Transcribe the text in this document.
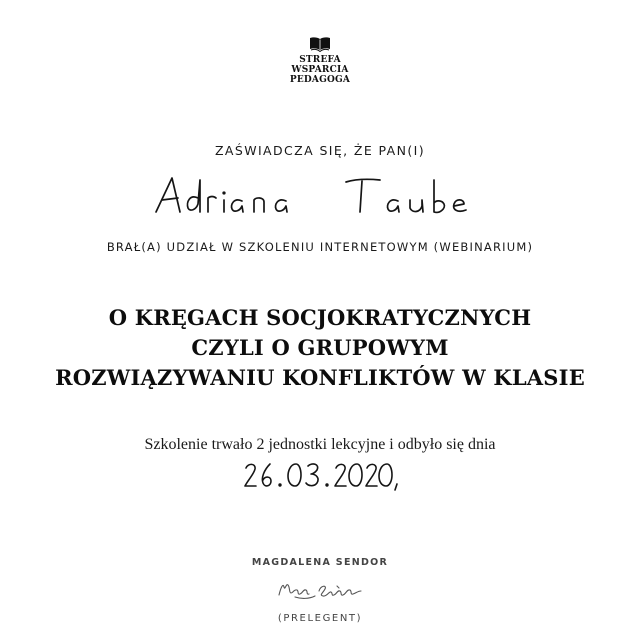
STREFA
WSPARCIA
PEDAGOGA
ZAŚWIADCZA SIĘ, ŻE PAN(I)
BRAŁ(A) UDZIAŁ W SZKOLENIU INTERNETOWYM (WEBINARIUM)
O KRĘGACH SOCJOKRATYCZNYCH
CZYLI O GRUPOWYM
ROZWIĄZYWANIU KONFLIKTÓW W KLASIE
Szkolenie trwało 2 jednostki lekcyjne i odbyło się dnia
MAGDALENA SENDOR
(PRELEGENT)
